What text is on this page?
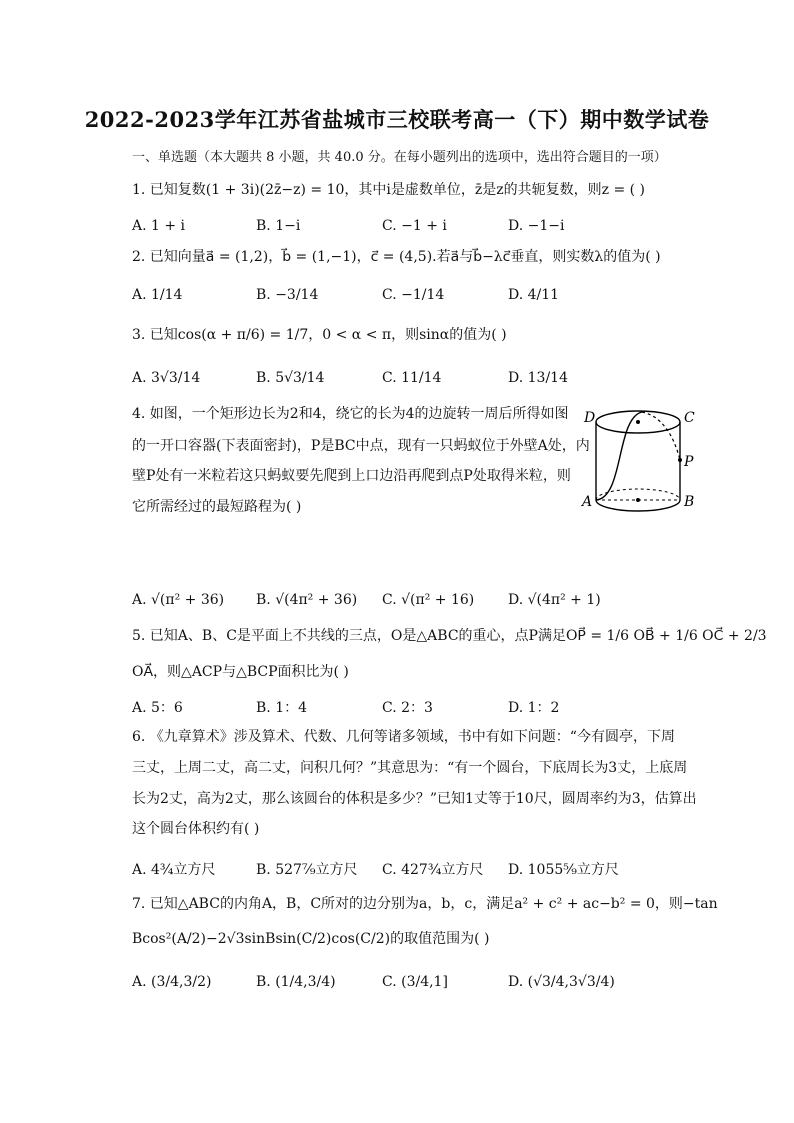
2022-2023学年江苏省盐城市三校联考高一（下）期中数学试卷
一、单选题（本大题共 8 小题，共 40.0 分。在每小题列出的选项中，选出符合题目的一项）
1. 已知复数(1 + 3i)(2z̄−z) = 10，其中i是虚数单位，z̄是z的共轭复数，则z = ( )
A. 1 + i	B. 1−i	C. −1 + i	D. −1−i
2. 已知向量a⃗ = (1,2)，b⃗ = (1,−1)，c⃗ = (4,5).若a⃗与b⃗−λc⃗垂直，则实数λ的值为( )
A. 1/14	B. −3/14	C. −1/14	D. 4/11
3. 已知cos(α + π/6) = 1/7，0 < α < π，则sinα的值为( )
A. 3√3/14	B. 5√3/14	C. 11/14	D. 13/14
4. 如图，一个矩形边长为2和4，绕它的长为4的边旋转一周后所得如图
的一开口容器(下表面密封)，P是BC中点，现有一只蚂蚁位于外壁A处，内
壁P处有一米粒若这只蚂蚁要先爬到上口边沿再爬到点P处取得米粒，则
它所需经过的最短路程为( )
D	C
P
A	B
A. √(π² + 36) B. √(4π² + 36) C. √(π² + 16) D. √(4π² + 1)
5. 已知A、B、C是平面上不共线的三点，O是△ABC的重心，点P满足OP⃗ = 1/6 OB⃗ + 1/6 OC⃗ + 2/3
OA⃗，则△ACP与△BCP面积比为( )
A. 5：6	B. 1：4	C. 2：3	D. 1：2
6. 《九章算术》涉及算术、代数、几何等诸多领域，书中有如下问题：“今有圆亭，下周
三丈，上周二丈，高二丈，问积几何？”其意思为：“有一个圆台，下底周长为3丈，上底周
长为2丈，高为2丈，那么该圆台的体积是多少？”已知1丈等于10尺，圆周率约为3，估算出
这个圆台体积约有( )
A. 4¾立方尺	B. 527⁷⁄₉立方尺 C. 427¾立方尺 D. 1055⁵⁄₉立方尺
7. 已知△ABC的内角A，B，C所对的边分别为a，b，c，满足a² + c² + ac−b² = 0，则−tan
Bcos²(A/2)−2√3sinBsin(C/2)cos(C/2)的取值范围为( )
A. (3/4,3/2)	B. (1/4,3/4)	C. (3/4,1]	D. (√3/4,3√3/4)
